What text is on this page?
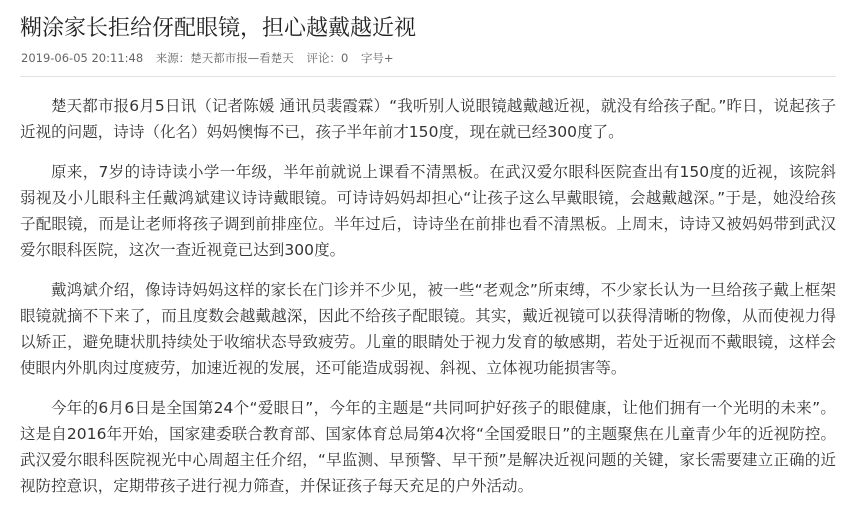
糊涂家长拒给伢配眼镜，担心越戴越近视
2019-06-05 20:11:48 来源：楚天都市报—看楚天 评论：0 字号+

楚天都市报6月5日讯（记者陈媛 通讯员裴霞霖）“我听别人说眼镜越戴越近视，就没有给孩子配。”昨日，说起孩子近视的问题，诗诗（化名）妈妈懊悔不已，孩子半年前才150度，现在就已经300度了。

原来，7岁的诗诗读小学一年级，半年前就说上课看不清黑板。在武汉爱尔眼科医院查出有150度的近视，该院斜弱视及小儿眼科主任戴鸿斌建议诗诗戴眼镜。可诗诗妈妈却担心“让孩子这么早戴眼镜，会越戴越深。”于是，她没给孩子配眼镜，而是让老师将孩子调到前排座位。半年过后，诗诗坐在前排也看不清黑板。上周末，诗诗又被妈妈带到武汉爱尔眼科医院，这次一查近视竟已达到300度。

戴鸿斌介绍，像诗诗妈妈这样的家长在门诊并不少见，被一些“老观念”所束缚，不少家长认为一旦给孩子戴上框架眼镜就摘不下来了，而且度数会越戴越深，因此不给孩子配眼镜。其实，戴近视镜可以获得清晰的物像，从而使视力得以矫正，避免睫状肌持续处于收缩状态导致疲劳。儿童的眼睛处于视力发育的敏感期，若处于近视而不戴眼镜，这样会使眼内外肌肉过度疲劳，加速近视的发展，还可能造成弱视、斜视、立体视功能损害等。

今年的6月6日是全国第24个“爱眼日”，今年的主题是“共同呵护好孩子的眼健康，让他们拥有一个光明的未来”。这是自2016年开始，国家建委联合教育部、国家体育总局第4次将“全国爱眼日”的主题聚焦在儿童青少年的近视防控。武汉爱尔眼科医院视光中心周超主任介绍，“早监测、早预警、早干预”是解决近视问题的关键，家长需要建立正确的近视防控意识，定期带孩子进行视力筛查，并保证孩子每天充足的户外活动。
